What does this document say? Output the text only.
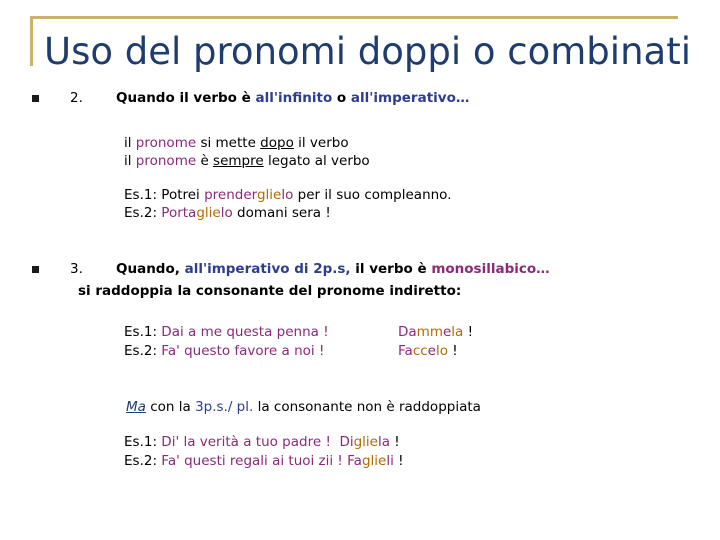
Uso del pronomi doppi o combinati
2. Quando il verbo è all'infinito o all'imperativo…
il pronome si mette dopo il verbo
il pronome è sempre legato al verbo
Es.1: Potrei prenderglielo per il suo compleanno.
Es.2: Portaglielo domani sera !
3. Quando, all'imperativo di 2p.s, il verbo è monosillabico…
si raddoppia la consonante del pronome indiretto:
Es.1: Dai a me questa penna !	Dammela !
Es.2: Fa' questo favore a noi !	Faccelo !
Ma con la 3p.s./ pl. la consonante non è raddoppiata
Es.1: Di' la verità a tuo padre !  Digliela !
Es.2: Fa' questi regali ai tuoi zii ! Faglieli !
